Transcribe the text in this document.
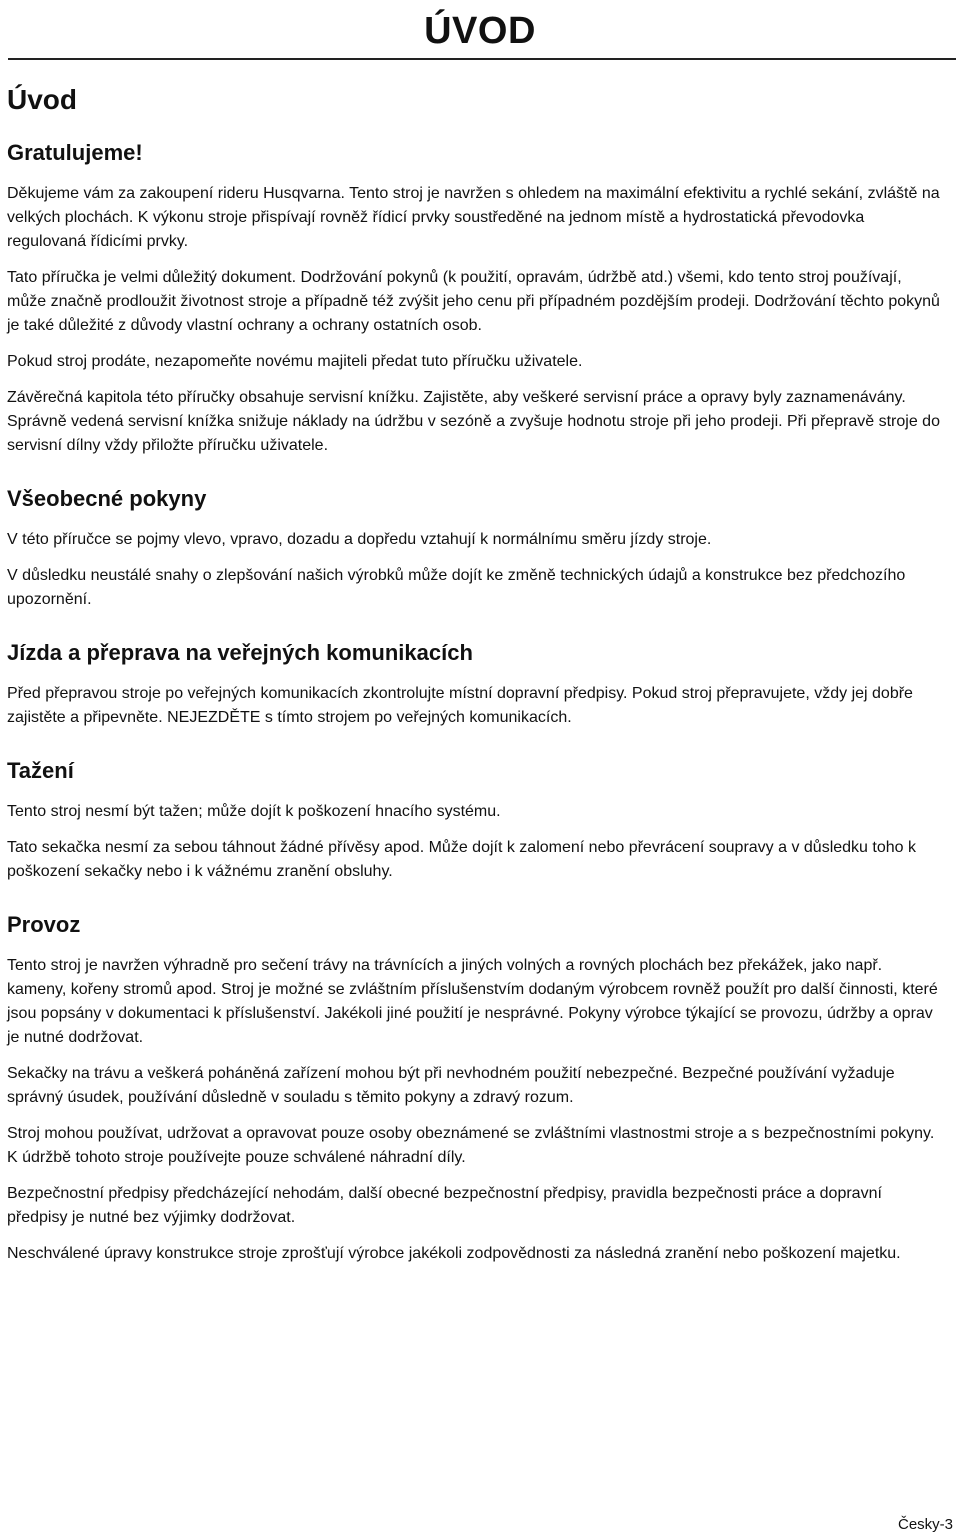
ÚVOD
Úvod
Gratulujeme!

Děkujeme vám za zakoupení rideru Husqvarna. Tento stroj je navržen s ohledem na maximální efektivitu a rychlé sekání, zvláště na velkých plochách. K výkonu stroje přispívají rovněž řídicí prvky soustředěné na jednom místě a hydrostatická převodovka regulovaná řídicími prvky.

Tato příručka je velmi důležitý dokument. Dodržování pokynů (k použití, opravám, údržbě atd.) všemi, kdo tento stroj používají, může značně prodloužit životnost stroje a případně též zvýšit jeho cenu při případném pozdějším prodeji. Dodržování těchto pokynů je také důležité z důvody vlastní ochrany a ochrany ostatních osob.

Pokud stroj prodáte, nezapomeňte novému majiteli předat tuto příručku uživatele.

Závěrečná kapitola této příručky obsahuje servisní knížku. Zajistěte, aby veškeré servisní práce a opravy byly zaznamenávány. Správně vedená servisní knížka snižuje náklady na údržbu v sezóně a zvyšuje hodnotu stroje při jeho prodeji. Při přepravě stroje do servisní dílny vždy přiložte příručku uživatele.

Všeobecné pokyny

V této příručce se pojmy vlevo, vpravo, dozadu a dopředu vztahují k normálnímu směru jízdy stroje.

V důsledku neustálé snahy o zlepšování našich výrobků může dojít ke změně technických údajů a konstrukce bez předchozího upozornění.

Jízda a přeprava na veřejných komunikacích

Před přepravou stroje po veřejných komunikacích zkontrolujte místní dopravní předpisy. Pokud stroj přepravujete, vždy jej dobře zajistěte a připevněte. NEJEZDĚTE s tímto strojem po veřejných komunikacích.

Tažení

Tento stroj nesmí být tažen; může dojít k poškození hnacího systému.

Tato sekačka nesmí za sebou táhnout žádné přívěsy apod. Může dojít k zalomení nebo převrácení soupravy a v důsledku toho k poškození sekačky nebo i k vážnému zranění obsluhy.

Provoz

Tento stroj je navržen výhradně pro sečení trávy na trávnících a jiných volných a rovných plochách bez překážek, jako např. kameny, kořeny stromů apod. Stroj je možné se zvláštním příslušenstvím dodaným výrobcem rovněž použít pro další činnosti, které jsou popsány v dokumentaci k příslušenství. Jakékoli jiné použití je nesprávné. Pokyny výrobce týkající se provozu, údržby a oprav je nutné dodržovat.

Sekačky na trávu a veškerá poháněná zařízení mohou být při nevhodném použití nebezpečné. Bezpečné používání vyžaduje správný úsudek, používání důsledně v souladu s těmito pokyny a zdravý rozum.

Stroj mohou používat, udržovat a opravovat pouze osoby obeznámené se zvláštními vlastnostmi stroje a s bezpečnostními pokyny. K údržbě tohoto stroje používejte pouze schválené náhradní díly.

Bezpečnostní předpisy předcházející nehodám, další obecné bezpečnostní předpisy, pravidla bezpečnosti práce a dopravní předpisy je nutné bez výjimky dodržovat.

Neschválené úpravy konstrukce stroje zprošťují výrobce jakékoli zodpovědnosti za následná zranění nebo poškození majetku.

Česky-3
